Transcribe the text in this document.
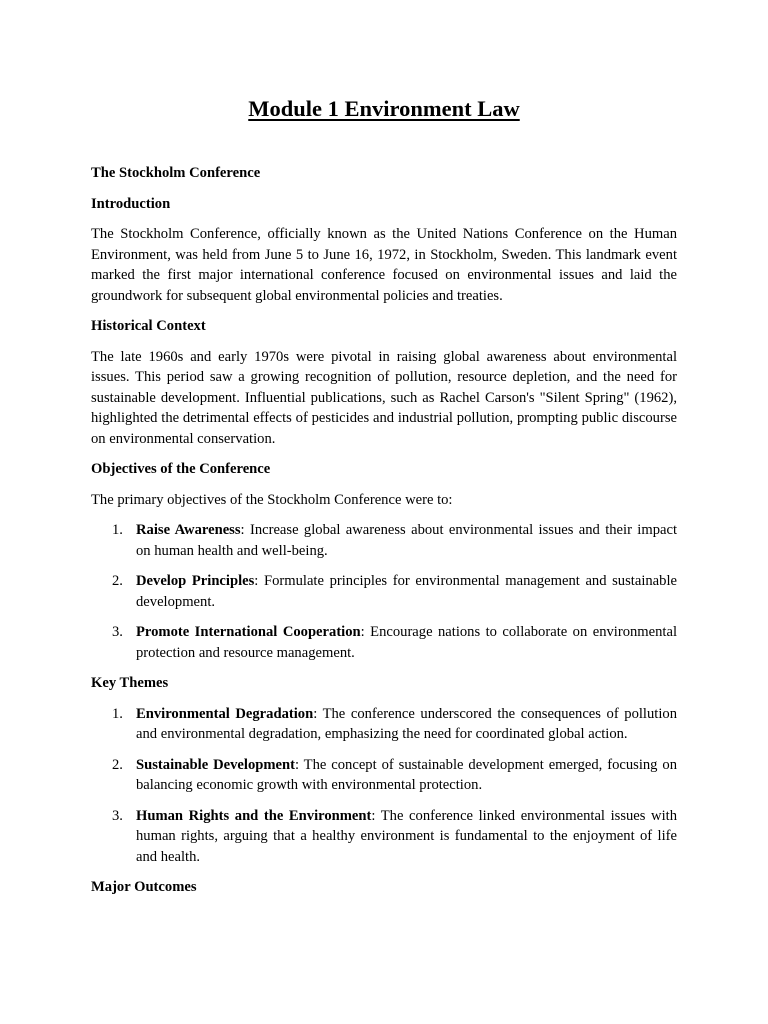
Module 1 Environment Law

The Stockholm Conference

Introduction

The Stockholm Conference, officially known as the United Nations Conference on the Human Environment, was held from June 5 to June 16, 1972, in Stockholm, Sweden. This landmark event marked the first major international conference focused on environmental issues and laid the groundwork for subsequent global environmental policies and treaties.

Historical Context

The late 1960s and early 1970s were pivotal in raising global awareness about environmental issues. This period saw a growing recognition of pollution, resource depletion, and the need for sustainable development. Influential publications, such as Rachel Carson's "Silent Spring" (1962), highlighted the detrimental effects of pesticides and industrial pollution, prompting public discourse on environmental conservation.

Objectives of the Conference

The primary objectives of the Stockholm Conference were to:

1. Raise Awareness: Increase global awareness about environmental issues and their impact on human health and well-being.
2. Develop Principles: Formulate principles for environmental management and sustainable development.
3. Promote International Cooperation: Encourage nations to collaborate on environmental protection and resource management.

Key Themes

1. Environmental Degradation: The conference underscored the consequences of pollution and environmental degradation, emphasizing the need for coordinated global action.
2. Sustainable Development: The concept of sustainable development emerged, focusing on balancing economic growth with environmental protection.
3. Human Rights and the Environment: The conference linked environmental issues with human rights, arguing that a healthy environment is fundamental to the enjoyment of life and health.

Major Outcomes
